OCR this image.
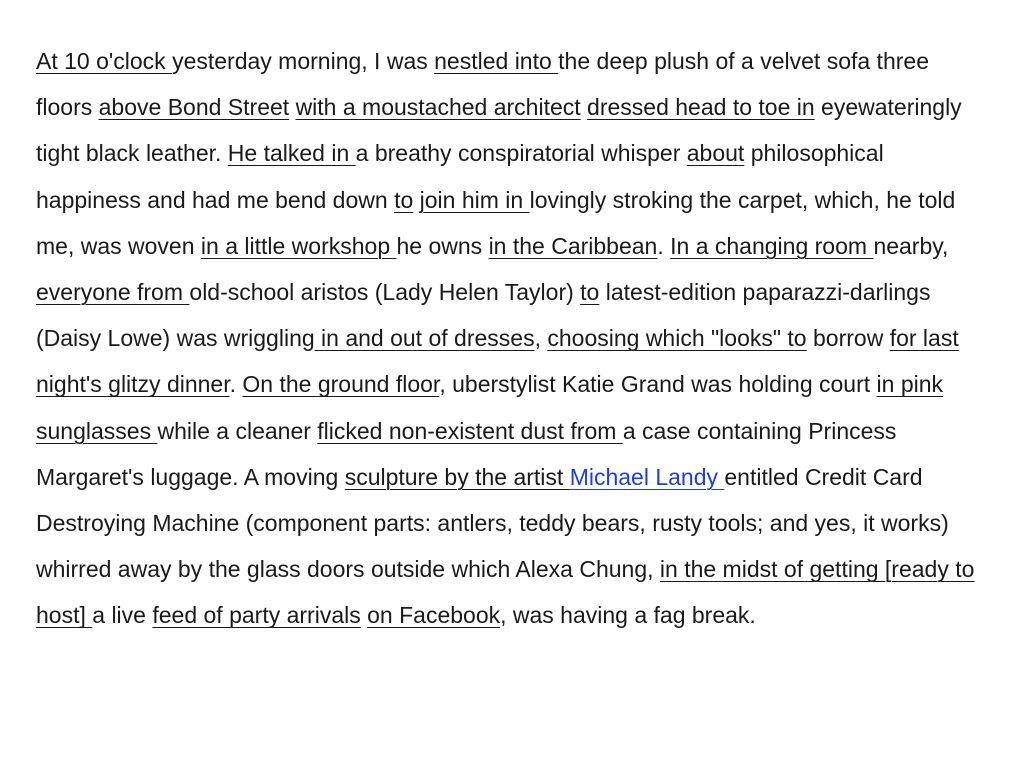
At 10 o'clock yesterday morning, I was nestled into the deep plush of a velvet sofa three floors above Bond Street with a moustached architect dressed head to toe in eyewateringly tight black leather. He talked in a breathy conspiratorial whisper about philosophical happiness and had me bend down to join him in lovingly stroking the carpet, which, he told me, was woven in a little workshop he owns in the Caribbean. In a changing room nearby, everyone from old-school aristos (Lady Helen Taylor) to latest-edition paparazzi-darlings (Daisy Lowe) was wriggling in and out of dresses, choosing which "looks" to borrow for last night's glitzy dinner. On the ground floor, uberstylist Katie Grand was holding court in pink sunglasses while a cleaner flicked non-existent dust from a case containing Princess Margaret's luggage. A moving sculpture by the artist Michael Landy entitled Credit Card Destroying Machine (component parts: antlers, teddy bears, rusty tools; and yes, it works) whirred away by the glass doors outside which Alexa Chung, in the midst of getting [ready to host] a live feed of party arrivals on Facebook, was having a fag break.
